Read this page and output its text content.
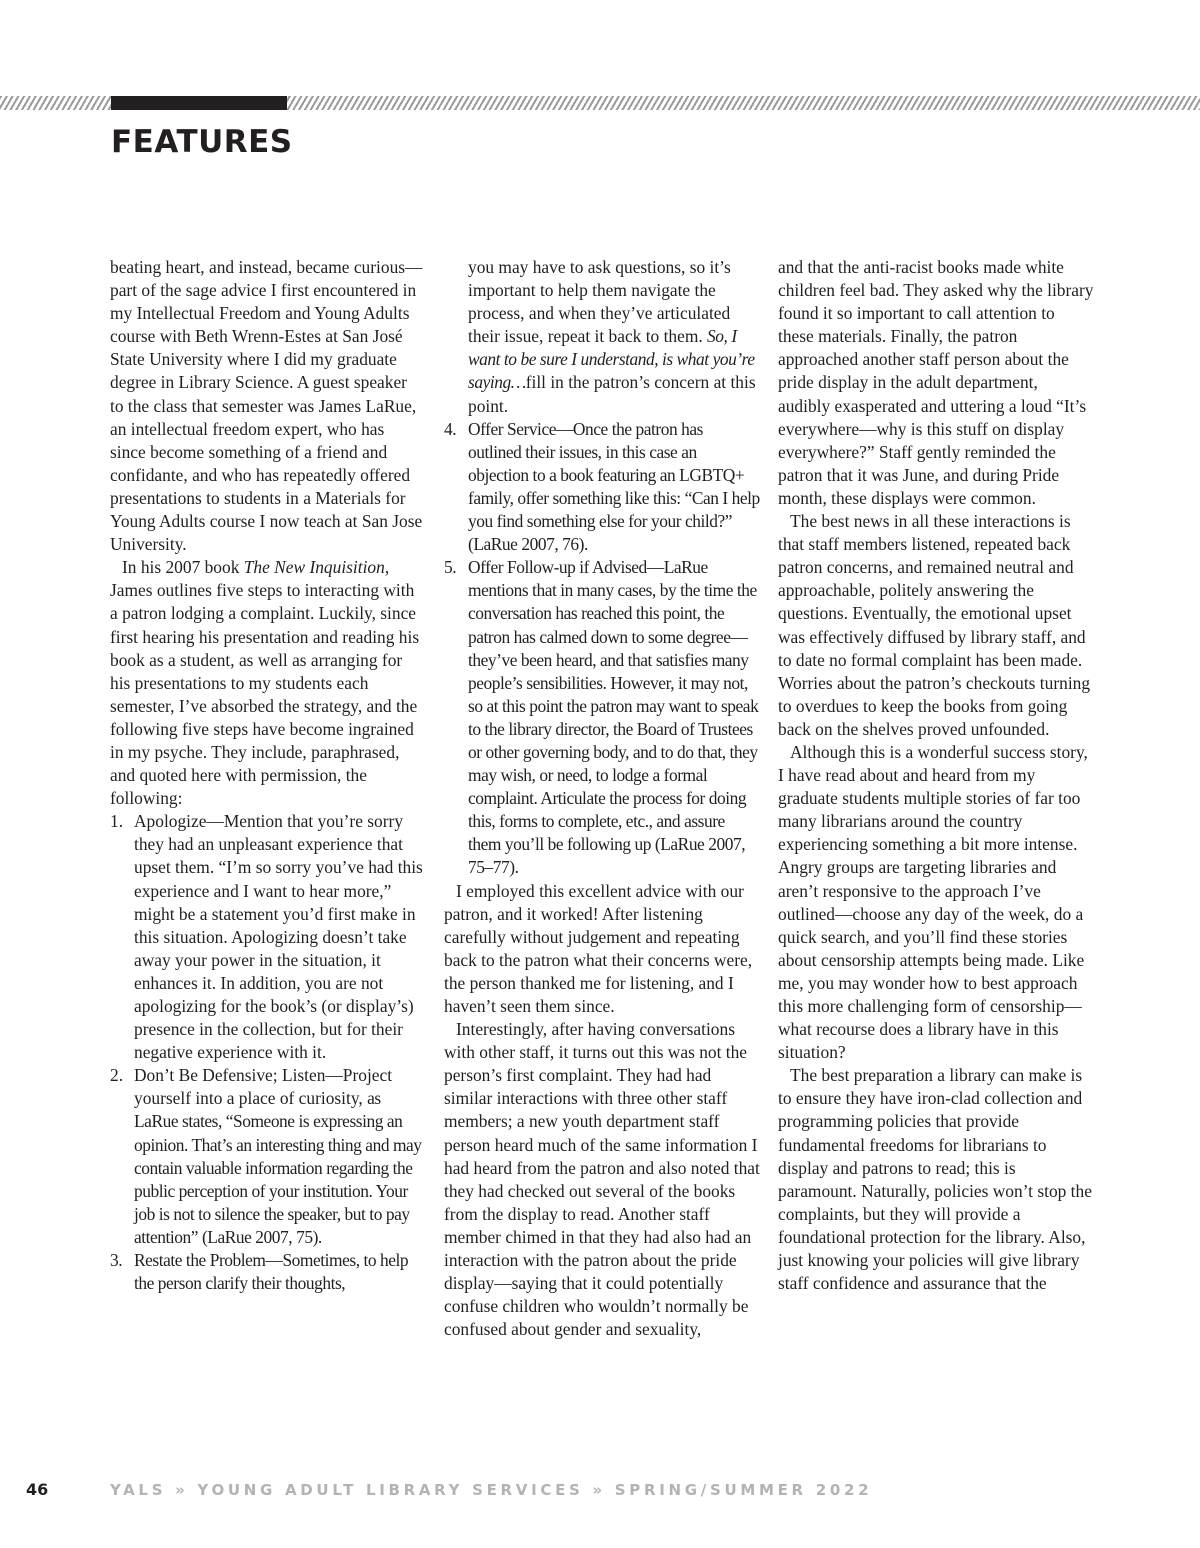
FEATURES

beating heart, and instead, became curious—part of the sage advice I first encountered in my Intellectual Freedom and Young Adults course with Beth Wrenn-Estes at San José State University where I did my graduate degree in Library Science. A guest speaker to the class that semester was James LaRue, an intellectual freedom expert, who has since become something of a friend and confidante, and who has repeatedly offered presentations to students in a Materials for Young Adults course I now teach at San Jose University.

In his 2007 book The New Inquisition, James outlines five steps to interacting with a patron lodging a complaint. Luckily, since first hearing his presentation and reading his book as a student, as well as arranging for his presentations to my students each semester, I’ve absorbed the strategy, and the following five steps have become ingrained in my psyche. They include, paraphrased, and quoted here with permission, the following:

1. Apologize—Mention that you’re sorry they had an unpleasant experience that upset them. “I’m so sorry you’ve had this experience and I want to hear more,” might be a statement you’d first make in this situation. Apologizing doesn’t take away your power in the situation, it enhances it. In addition, you are not apologizing for the book’s (or display’s) presence in the collection, but for their negative experience with it.
2. Don’t Be Defensive; Listen—Project yourself into a place of curiosity, as LaRue states, “Someone is expressing an opinion. That’s an interesting thing and may contain valuable information regarding the public perception of your institution. Your job is not to silence the speaker, but to pay attention” (LaRue 2007, 75).
3. Restate the Problem—Sometimes, to help the person clarify their thoughts,
you may have to ask questions, so it’s important to help them navigate the process, and when they’ve articulated their issue, repeat it back to them. So, I want to be sure I understand, is what you’re saying…fill in the patron’s concern at this point.
4. Offer Service—Once the patron has outlined their issues, in this case an objection to a book featuring an LGBTQ+ family, offer something like this: “Can I help you find something else for your child?” (LaRue 2007, 76).
5. Offer Follow-up if Advised—LaRue mentions that in many cases, by the time the conversation has reached this point, the patron has calmed down to some degree—they’ve been heard, and that satisfies many people’s sensibilities. However, it may not, so at this point the patron may want to speak to the library director, the Board of Trustees or other governing body, and to do that, they may wish, or need, to lodge a formal complaint. Articulate the process for doing this, forms to complete, etc., and assure them you’ll be following up (LaRue 2007, 75–77).

I employed this excellent advice with our patron, and it worked! After listening carefully without judgement and repeating back to the patron what their concerns were, the person thanked me for listening, and I haven’t seen them since.

Interestingly, after having conversations with other staff, it turns out this was not the person’s first complaint. They had had similar interactions with three other staff members; a new youth department staff person heard much of the same information I had heard from the patron and also noted that they had checked out several of the books from the display to read. Another staff member chimed in that they had also had an interaction with the patron about the pride display—saying that it could potentially confuse children who wouldn’t normally be confused about gender and sexuality,

and that the anti-racist books made white children feel bad. They asked why the library found it so important to call attention to these materials. Finally, the patron approached another staff person about the pride display in the adult department, audibly exasperated and uttering a loud “It’s everywhere—why is this stuff on display everywhere?” Staff gently reminded the patron that it was June, and during Pride month, these displays were common.

The best news in all these interactions is that staff members listened, repeated back patron concerns, and remained neutral and approachable, politely answering the questions. Eventually, the emotional upset was effectively diffused by library staff, and to date no formal complaint has been made. Worries about the patron’s checkouts turning to overdues to keep the books from going back on the shelves proved unfounded.

Although this is a wonderful success story, I have read about and heard from my graduate students multiple stories of far too many librarians around the country experiencing something a bit more intense. Angry groups are targeting libraries and aren’t responsive to the approach I’ve outlined—choose any day of the week, do a quick search, and you’ll find these stories about censorship attempts being made. Like me, you may wonder how to best approach this more challenging form of censorship—what recourse does a library have in this situation?

The best preparation a library can make is to ensure they have iron-clad collection and programming policies that provide fundamental freedoms for librarians to display and patrons to read; this is paramount. Naturally, policies won’t stop the complaints, but they will provide a foundational protection for the library. Also, just knowing your policies will give library staff confidence and assurance that the

46	YALS » YOUNG ADULT LIBRARY SERVICES » SPRING/SUMMER 2022
